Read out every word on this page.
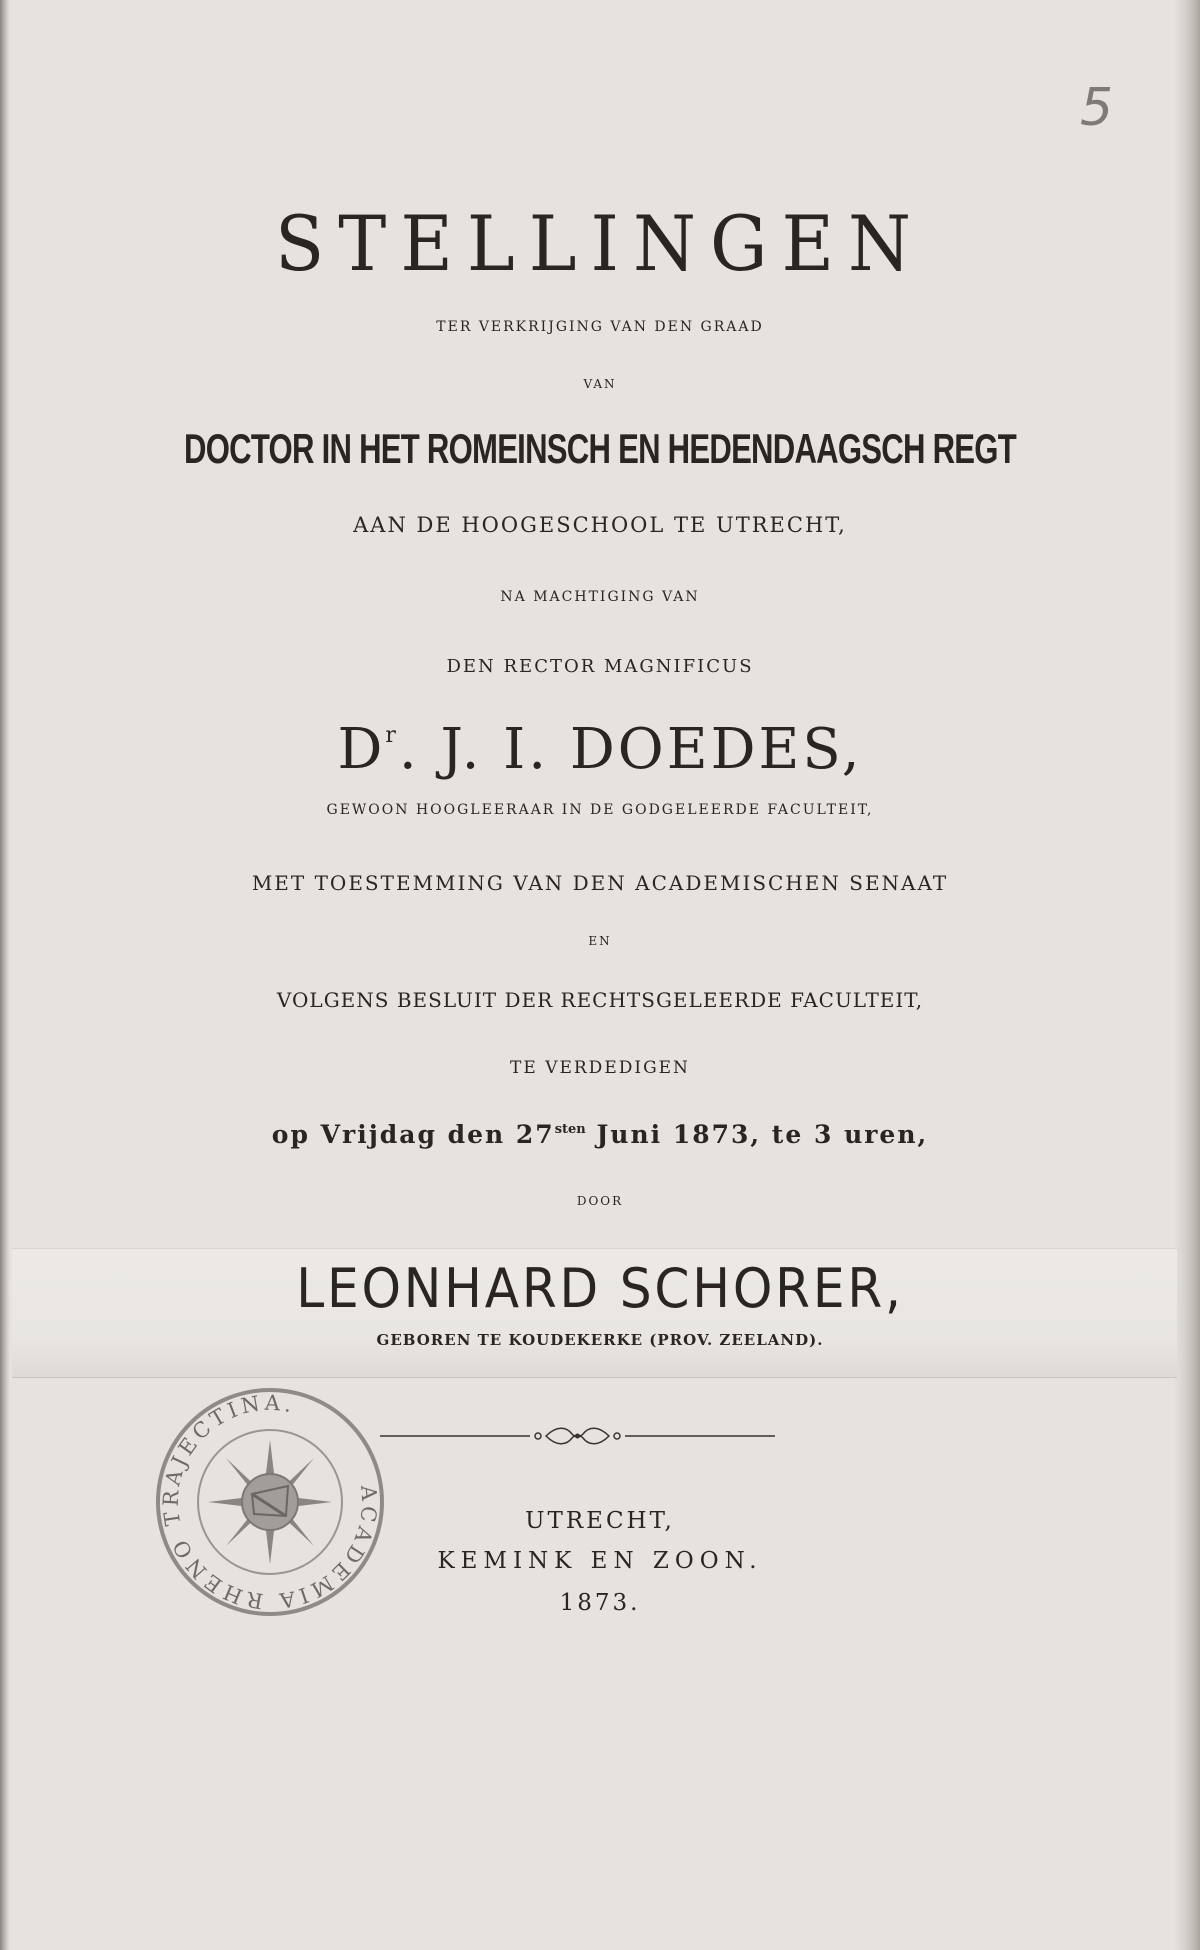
5
STELLINGEN
TER VERKRIJGING VAN DEN GRAAD
VAN
DOCTOR IN HET ROMEINSCH EN HEDENDAAGSCH REGT
AAN DE HOOGESCHOOL TE UTRECHT,
NA MACHTIGING VAN
DEN RECTOR MAGNIFICUS
$D^r$. J. I. DOEDES,
GEWOON HOOGLEERAAR IN DE GODGELEERDE FACULTEIT,
MET TOESTEMMING VAN DEN ACADEMISCHEN SENAAT
EN
VOLGENS BESLUIT DER RECHTSGELEERDE FACULTEIT,
TE VERDEDIGEN
op Vrijdag den $27^{sten}$ Juni 1873, te 3 uren,
DOOR
LEONHARD SCHORER,
GEBOREN TE KOUDEKERKE (PROV. ZEELAND).
ACADEMIA RHENO TRAJECTINA.
UTRECHT,
KEMINK EN ZOON.
1873.
